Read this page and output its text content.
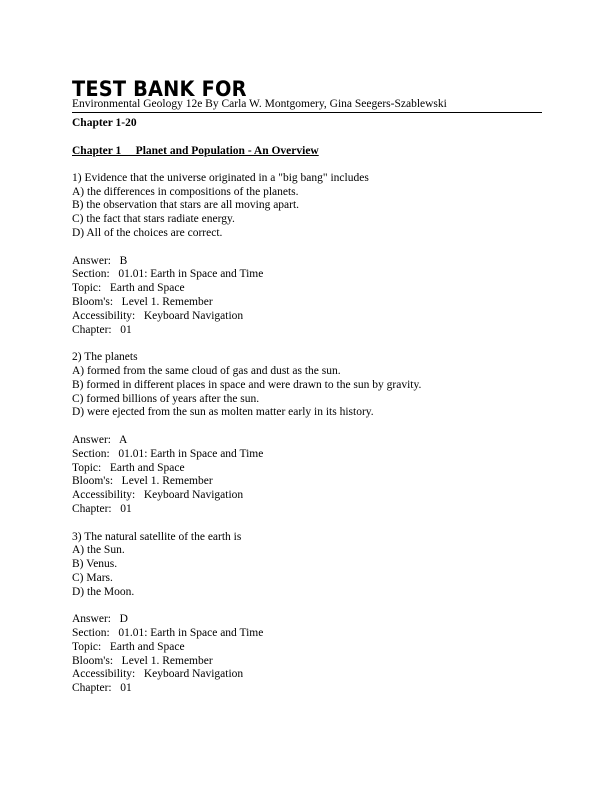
TEST BANK FOR
Environmental Geology 12e By Carla W. Montgomery, Gina Seegers-Szablewski
Chapter 1-20
Chapter 1     Planet and Population - An Overview
1) Evidence that the universe originated in a "big bang" includes
A) the differences in compositions of the planets.
B) the observation that stars are all moving apart.
C) the fact that stars radiate energy.
D) All of the choices are correct.
Answer:   B
Section:   01.01: Earth in Space and Time
Topic:   Earth and Space
Bloom's:   Level 1. Remember
Accessibility:   Keyboard Navigation
Chapter:   01
2) The planets
A) formed from the same cloud of gas and dust as the sun.
B) formed in different places in space and were drawn to the sun by gravity.
C) formed billions of years after the sun.
D) were ejected from the sun as molten matter early in its history.
Answer:   A
Section:   01.01: Earth in Space and Time
Topic:   Earth and Space
Bloom's:   Level 1. Remember
Accessibility:   Keyboard Navigation
Chapter:   01
3) The natural satellite of the earth is
A) the Sun.
B) Venus.
C) Mars.
D) the Moon.
Answer:   D
Section:   01.01: Earth in Space and Time
Topic:   Earth and Space
Bloom's:   Level 1. Remember
Accessibility:   Keyboard Navigation
Chapter:   01
